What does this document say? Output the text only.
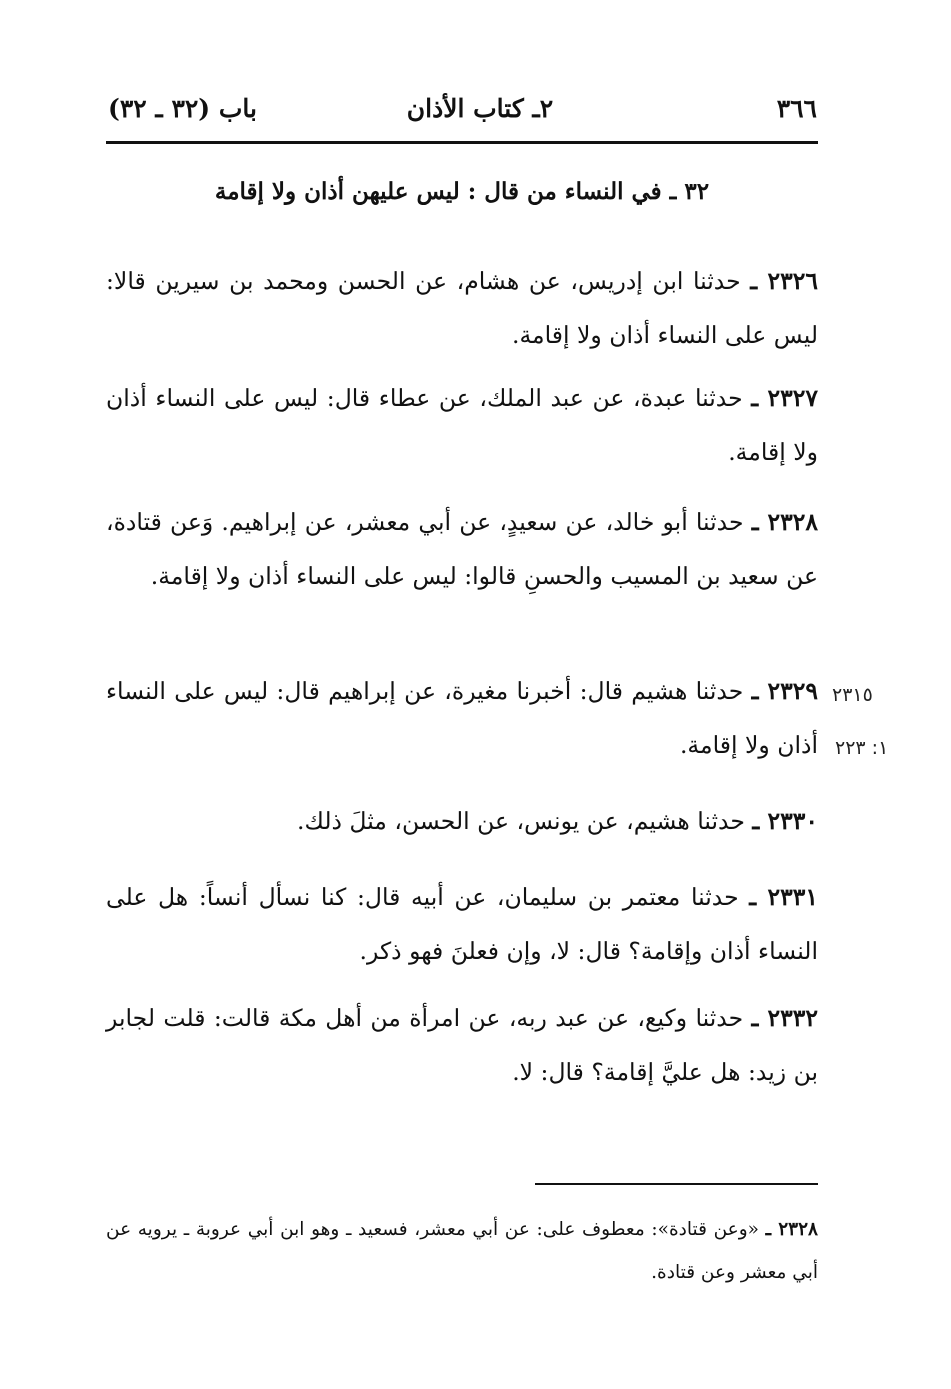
٣٦٦
٢ـ كتاب الأذان
باب (٣٢ ـ ٣٢)
٣٢ ـ في النساء من قال : ليس عليهن أذان ولا إقامة
٢٣٢٦ ـ حدثنا ابن إدريس، عن هشام، عن الحسن ومحمد بن سيرين قالا: ليس على النساء أذان ولا إقامة.
٢٣٢٧ ـ حدثنا عبدة، عن عبد الملك، عن عطاء قال: ليس على النساء أذان ولا إقامة.
٢٣٢٨ ـ حدثنا أبو خالد، عن سعيدٍ، عن أبي معشر، عن إبراهيم. وَعن قتادة، عن سعيد بن المسيب والحسنِ قالوا: ليس على النساء أذان ولا إقامة.
٢٣٢٩ ـ حدثنا هشيم قال: أخبرنا مغيرة، عن إبراهيم قال: ليس على النساء أذان ولا إقامة.
٢٣١٥
١: ٢٢٣
٢٣٣٠ ـ حدثنا هشيم، عن يونس، عن الحسن، مثلَ ذلك.
٢٣٣١ ـ حدثنا معتمر بن سليمان، عن أبيه قال: كنا نسأل أنساً: هل على النساء أذان وإقامة؟ قال: لا، وإن فعلنَ فهو ذكر.
٢٣٣٢ ـ حدثنا وكيع، عن عبد ربه، عن امرأة من أهل مكة قالت: قلت لجابر بن زيد: هل عليَّ إقامة؟ قال: لا.
٢٣٢٨ ـ «وعن قتادة»: معطوف على: عن أبي معشر، فسعيد ـ وهو ابن أبي عروبة ـ يرويه عن أبي معشر وعن قتادة.
